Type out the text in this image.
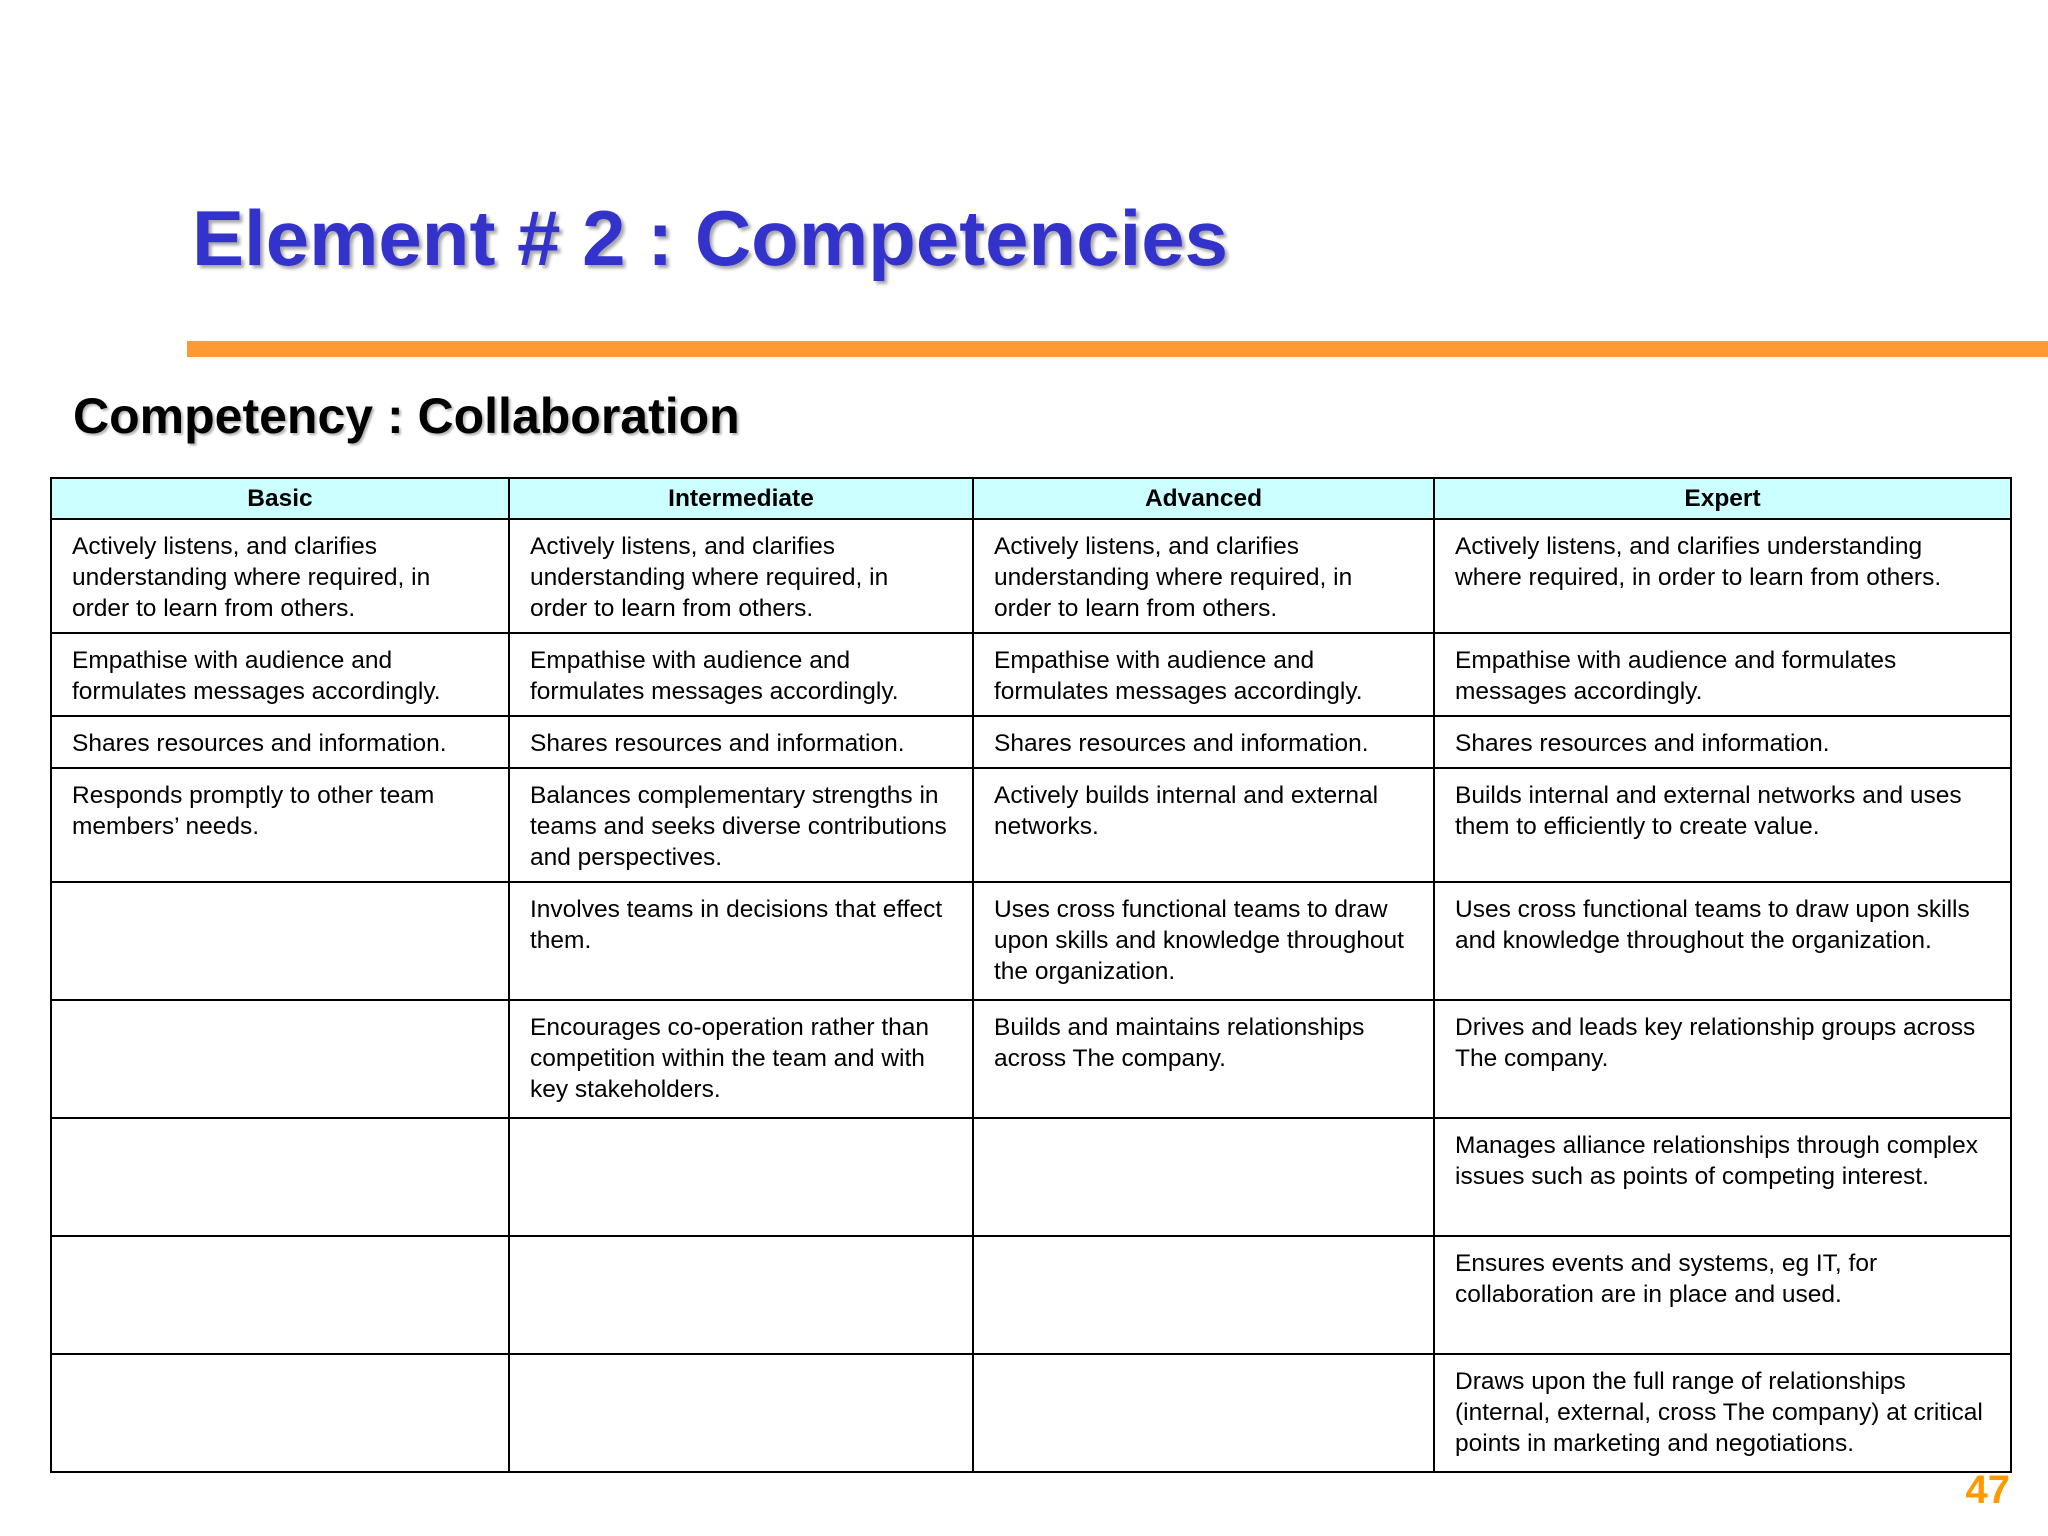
Element # 2 : Competencies
Competency : Collaboration
Basic	Intermediate	Advanced	Expert
Actively listens, and clarifies understanding where required, in order to learn from others.	Actively listens, and clarifies understanding where required, in order to learn from others.	Actively listens, and clarifies understanding where required, in order to learn from others.	Actively listens, and clarifies understanding where required, in order to learn from others.
Empathise with audience and formulates messages accordingly.	Empathise with audience and formulates messages accordingly.	Empathise with audience and formulates messages accordingly.	Empathise with audience and formulates messages accordingly.
Shares resources and information.	Shares resources and information.	Shares resources and information.	Shares resources and information.
Responds promptly to other team members’ needs.	Balances complementary strengths in teams and seeks diverse contributions and perspectives.	Actively builds internal and external networks.	Builds internal and external networks and uses them to efficiently to create value.
	Involves teams in decisions that effect them.	Uses cross functional teams to draw upon skills and knowledge throughout the organization.	Uses cross functional teams to draw upon skills and knowledge throughout the organization.
	Encourages co-operation rather than competition within the team and with key stakeholders.	Builds and maintains relationships across The company.	Drives and leads key relationship groups across The company.
			Manages alliance relationships through complex issues such as points of competing interest.
			Ensures events and systems, eg IT, for collaboration are in place and used.
			Draws upon the full range of relationships (internal, external, cross The company) at critical points in marketing and negotiations.
47
